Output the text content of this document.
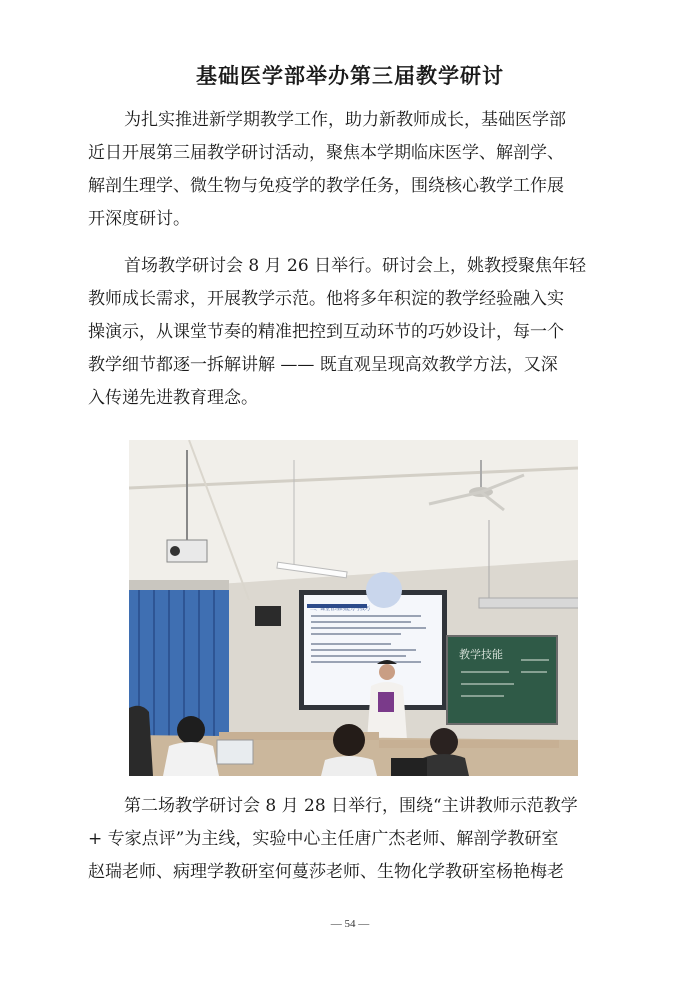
基础医学部举办第三届教学研讨
为扎实推进新学期教学工作，助力新教师成长，基础医学部
近日开展第三届教学研讨活动，聚焦本学期临床医学、解剖学、
解剖生理学、微生物与免疫学的教学任务，围绕核心教学工作展
开深度研讨。
首场教学研讨会 8 月 26 日举行。研讨会上，姚教授聚焦年轻
教师成长需求，开展教学示范。他将多年积淀的教学经验融入实
操演示，从课堂节奏的精准把控到互动环节的巧妙设计，每一个
教学细节都逐一拆解讲解 —— 既直观呈现高效教学方法，又深
入传递先进教育理念。
二、课堂管理的能力与技巧
教学技能
第二场教学研讨会 8 月 28 日举行，围绕“主讲教师示范教学
+ 专家点评”为主线，实验中心主任唐广杰老师、解剖学教研室
赵瑞老师、病理学教研室何蔓莎老师、生物化学教研室杨艳梅老
— 54 —
